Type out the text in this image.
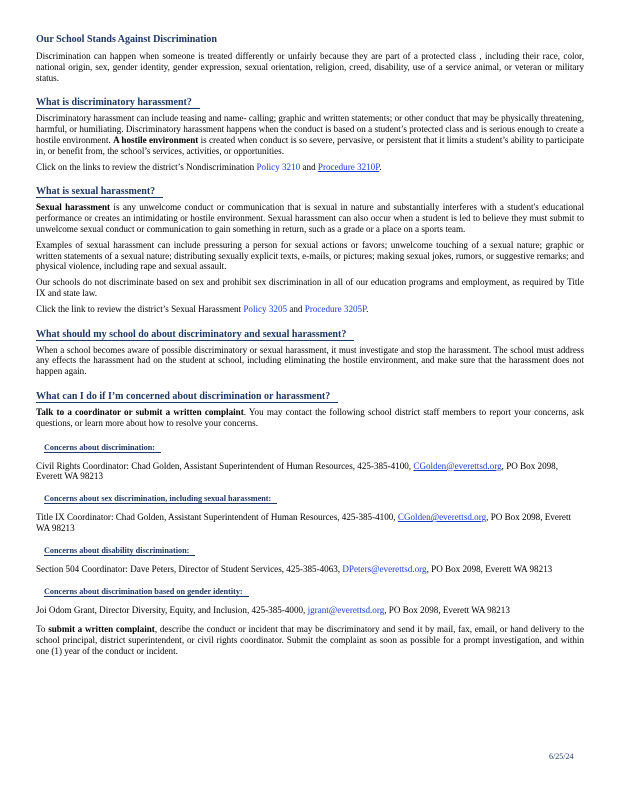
Our School Stands Against Discrimination

Discrimination can happen when someone is treated differently or unfairly because they are part of a protected class , including their race, color, national origin, sex, gender identity, gender expression, sexual orientation, religion, creed, disability, use of a service animal, or veteran or military status.

What is discriminatory harassment?

Discriminatory harassment can include teasing and name- calling; graphic and written statements; or other conduct that may be physically threatening, harmful, or humiliating. Discriminatory harassment happens when the conduct is based on a student’s protected class and is serious enough to create a hostile environment. A hostile environment is created when conduct is so severe, pervasive, or persistent that it limits a student’s ability to participate in, or benefit from, the school’s services, activities, or opportunities.

Click on the links to review the district’s Nondiscrimination Policy 3210 and Procedure 3210P.

What is sexual harassment?

Sexual harassment is any unwelcome conduct or communication that is sexual in nature and substantially interferes with a student's educational performance or creates an intimidating or hostile environment. Sexual harassment can also occur when a student is led to believe they must submit to unwelcome sexual conduct or communication to gain something in return, such as a grade or a place on a sports team.

Examples of sexual harassment can include pressuring a person for sexual actions or favors; unwelcome touching of a sexual nature; graphic or written statements of a sexual nature; distributing sexually explicit texts, e-mails, or pictures; making sexual jokes, rumors, or suggestive remarks; and physical violence, including rape and sexual assault.

Our schools do not discriminate based on sex and prohibit sex discrimination in all of our education programs and employment, as required by Title IX and state law.

Click the link to review the district’s Sexual Harassment Policy 3205 and Procedure 3205P.

What should my school do about discriminatory and sexual harassment?

When a school becomes aware of possible discriminatory or sexual harassment, it must investigate and stop the harassment. The school must address any effects the harassment had on the student at school, including eliminating the hostile environment, and make sure that the harassment does not happen again.

What can I do if I’m concerned about discrimination or harassment?

Talk to a coordinator or submit a written complaint. You may contact the following school district staff members to report your concerns, ask questions, or learn more about how to resolve your concerns.

Concerns about discrimination:
Civil Rights Coordinator: Chad Golden, Assistant Superintendent of Human Resources, 425-385-4100, CGolden@everettsd.org, PO Box 2098, Everett WA 98213
Concerns about sex discrimination, including sexual harassment:
Title IX Coordinator: Chad Golden, Assistant Superintendent of Human Resources, 425-385-4100, CGolden@everettsd.org, PO Box 2098, Everett WA 98213
Concerns about disability discrimination:
Section 504 Coordinator: Dave Peters, Director of Student Services, 425-385-4063, DPeters@everettsd.org, PO Box 2098, Everett WA 98213
Concerns about discrimination based on gender identity:
Joi Odom Grant, Director Diversity, Equity, and Inclusion, 425-385-4000, jgrant@everettsd.org, PO Box 2098, Everett WA 98213

To submit a written complaint, describe the conduct or incident that may be discriminatory and send it by mail, fax, email, or hand delivery to the school principal, district superintendent, or civil rights coordinator. Submit the complaint as soon as possible for a prompt investigation, and within one (1) year of the conduct or incident.

6/25/24
